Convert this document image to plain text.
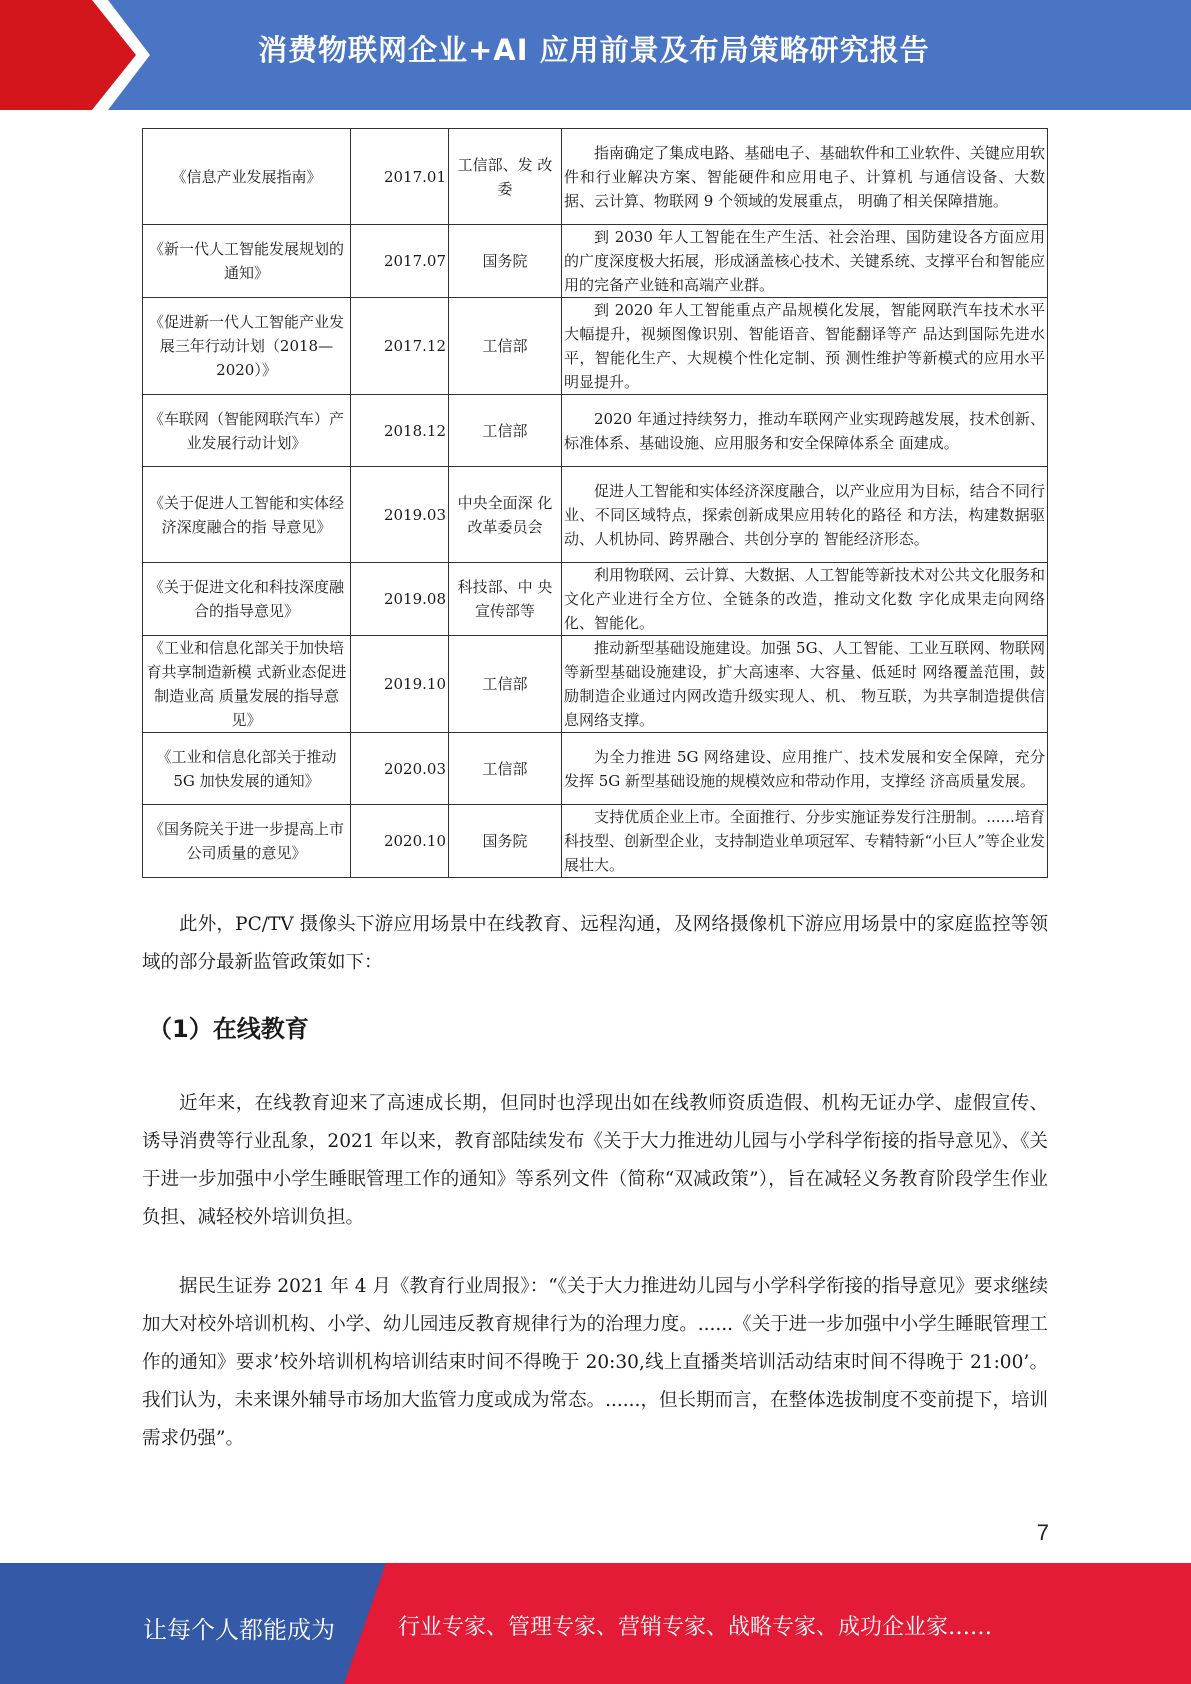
消费物联网企业+AI 应用前景及布局策略研究报告
《信息产业发展指南》	2017.01	工信部、发 改委	指南确定了集成电路、基础电子、基础软件和工业软件、关键应用软件和行业解决方案、智能硬件和应用电子、计算机 与通信设备、大数据、云计算、物联网 9 个领域的发展重点， 明确了相关保障措施。
《新一代人工智能发展规划的通知》	2017.07	国务院	到 2030 年人工智能在生产生活、社会治理、国防建设各方面应用的广度深度极大拓展，形成涵盖核心技术、关键系统、支撑平台和智能应用的完备产业链和高端产业群。
《促进新一代人工智能产业发展三年行动计划（2018—2020）》	2017.12	工信部	到 2020 年人工智能重点产品规模化发展，智能网联汽车技术水平大幅提升，视频图像识别、智能语音、智能翻译等产 品达到国际先进水平，智能化生产、大规模个性化定制、预 测性维护等新模式的应用水平明显提升。
《车联网（智能网联汽车）产业发展行动计划》	2018.12	工信部	2020 年通过持续努力，推动车联网产业实现跨越发展，技术创新、标准体系、基础设施、应用服务和安全保障体系全 面建成。
《关于促进人工智能和实体经济深度融合的指 导意见》	2019.03	中央全面深 化改革委员会	促进人工智能和实体经济深度融合，以产业应用为目标，结合不同行业、不同区域特点，探索创新成果应用转化的路径 和方法，构建数据驱动、人机协同、跨界融合、共创分享的 智能经济形态。
《关于促进文化和科技深度融合的指导意见》	2019.08	科技部、中 央宣传部等	利用物联网、云计算、大数据、人工智能等新技术对公共文化服务和文化产业进行全方位、全链条的改造，推动文化数 字化成果走向网络化、智能化。
《工业和信息化部关于加快培育共享制造新模 式新业态促进制造业高 质量发展的指导意见》	2019.10	工信部	推动新型基础设施建设。加强 5G、人工智能、工业互联网、物联网等新型基础设施建设，扩大高速率、大容量、低延时 网络覆盖范围，鼓励制造企业通过内网改造升级实现人、机、 物互联，为共享制造提供信息网络支撑。
《工业和信息化部关于推动 5G 加快发展的通知》	2020.03	工信部	为全力推进 5G 网络建设、应用推广、技术发展和安全保障，充分发挥 5G 新型基础设施的规模效应和带动作用，支撑经 济高质量发展。
《国务院关于进一步提高上市公司质量的意见》	2020.10	国务院	支持优质企业上市。全面推行、分步实施证券发行注册制。......培育科技型、创新型企业，支持制造业单项冠军、专精特新“小巨人”等企业发展壮大。

此外，PC/TV 摄像头下游应用场景中在线教育、远程沟通，及网络摄像机下游应用场景中的家庭监控等领域的部分最新监管政策如下：

（1）在线教育

近年来，在线教育迎来了高速成长期，但同时也浮现出如在线教师资质造假、机构无证办学、虚假宣传、诱导消费等行业乱象，2021 年以来，教育部陆续发布《关于大力推进幼儿园与小学科学衔接的指导意见》、《关于进一步加强中小学生睡眠管理工作的通知》等系列文件（简称“双减政策”），旨在减轻义务教育阶段学生作业负担、减轻校外培训负担。

据民生证券 2021 年 4 月《教育行业周报》：“《关于大力推进幼儿园与小学科学衔接的指导意见》要求继续加大对校外培训机构、小学、幼儿园违反教育规律行为的治理力度。......《关于进一步加强中小学生睡眠管理工作的通知》要求’校外培训机构培训结束时间不得晚于 20:30,线上直播类培训活动结束时间不得晚于 21:00’。我们认为，未来课外辅导市场加大监管力度或成为常态。......，但长期而言，在整体选拔制度不变前提下，培训需求仍强”。

7
让每个人都能成为	行业专家、管理专家、营销专家、战略专家、成功企业家……
